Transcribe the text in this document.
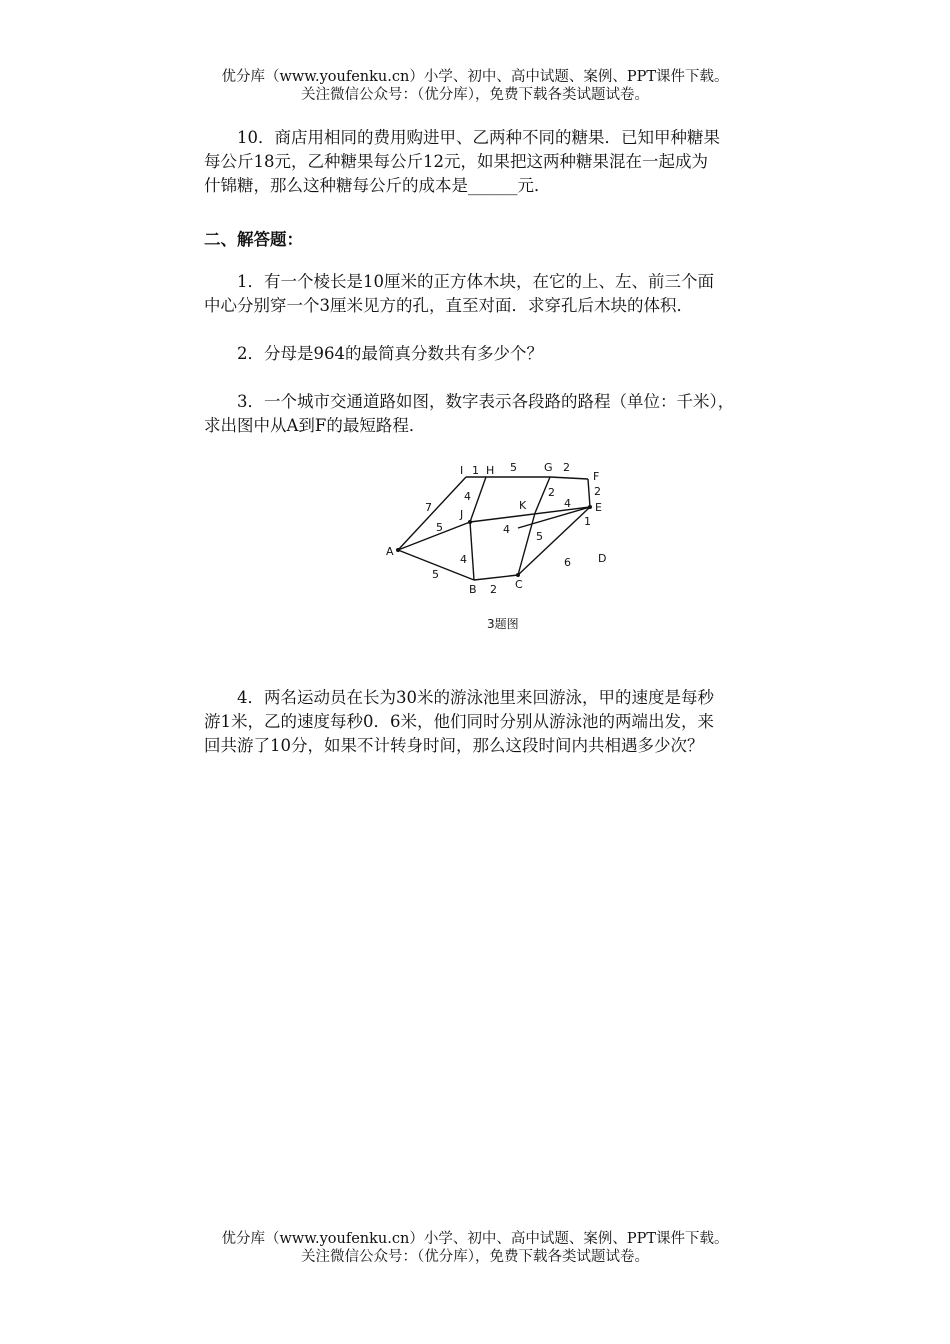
优分库（www.youfenku.cn）小学、初中、高中试题、案例、PPT课件下载。
关注微信公众号：（优分库），免费下载各类试题试卷。
10．商店用相同的费用购进甲、乙两种不同的糖果．已知甲种糖果
每公斤18元，乙种糖果每公斤12元，如果把这两种糖果混在一起成为
什锦糖，那么这种糖每公斤的成本是______元．
二、解答题：
1．有一个棱长是10厘米的正方体木块，在它的上、左、前三个面
中心分别穿一个3厘米见方的孔，直至对面．求穿孔后木块的体积．
2．分母是964的最简真分数共有多少个？
3．一个城市交通道路如图，数字表示各段路的路程（单位：千米），
求出图中从A到F的最短路程．
I H	G
F
E
J
K
A
B	C
D
1	5	2
2
7
4	2
4
5	4
1
5
4	6
5
2
3题图
4．两名运动员在长为30米的游泳池里来回游泳，甲的速度是每秒
游1米，乙的速度每秒0．6米，他们同时分别从游泳池的两端出发，来
回共游了10分，如果不计转身时间，那么这段时间内共相遇多少次？
优分库（www.youfenku.cn）小学、初中、高中试题、案例、PPT课件下载。
关注微信公众号：（优分库），免费下载各类试题试卷。
